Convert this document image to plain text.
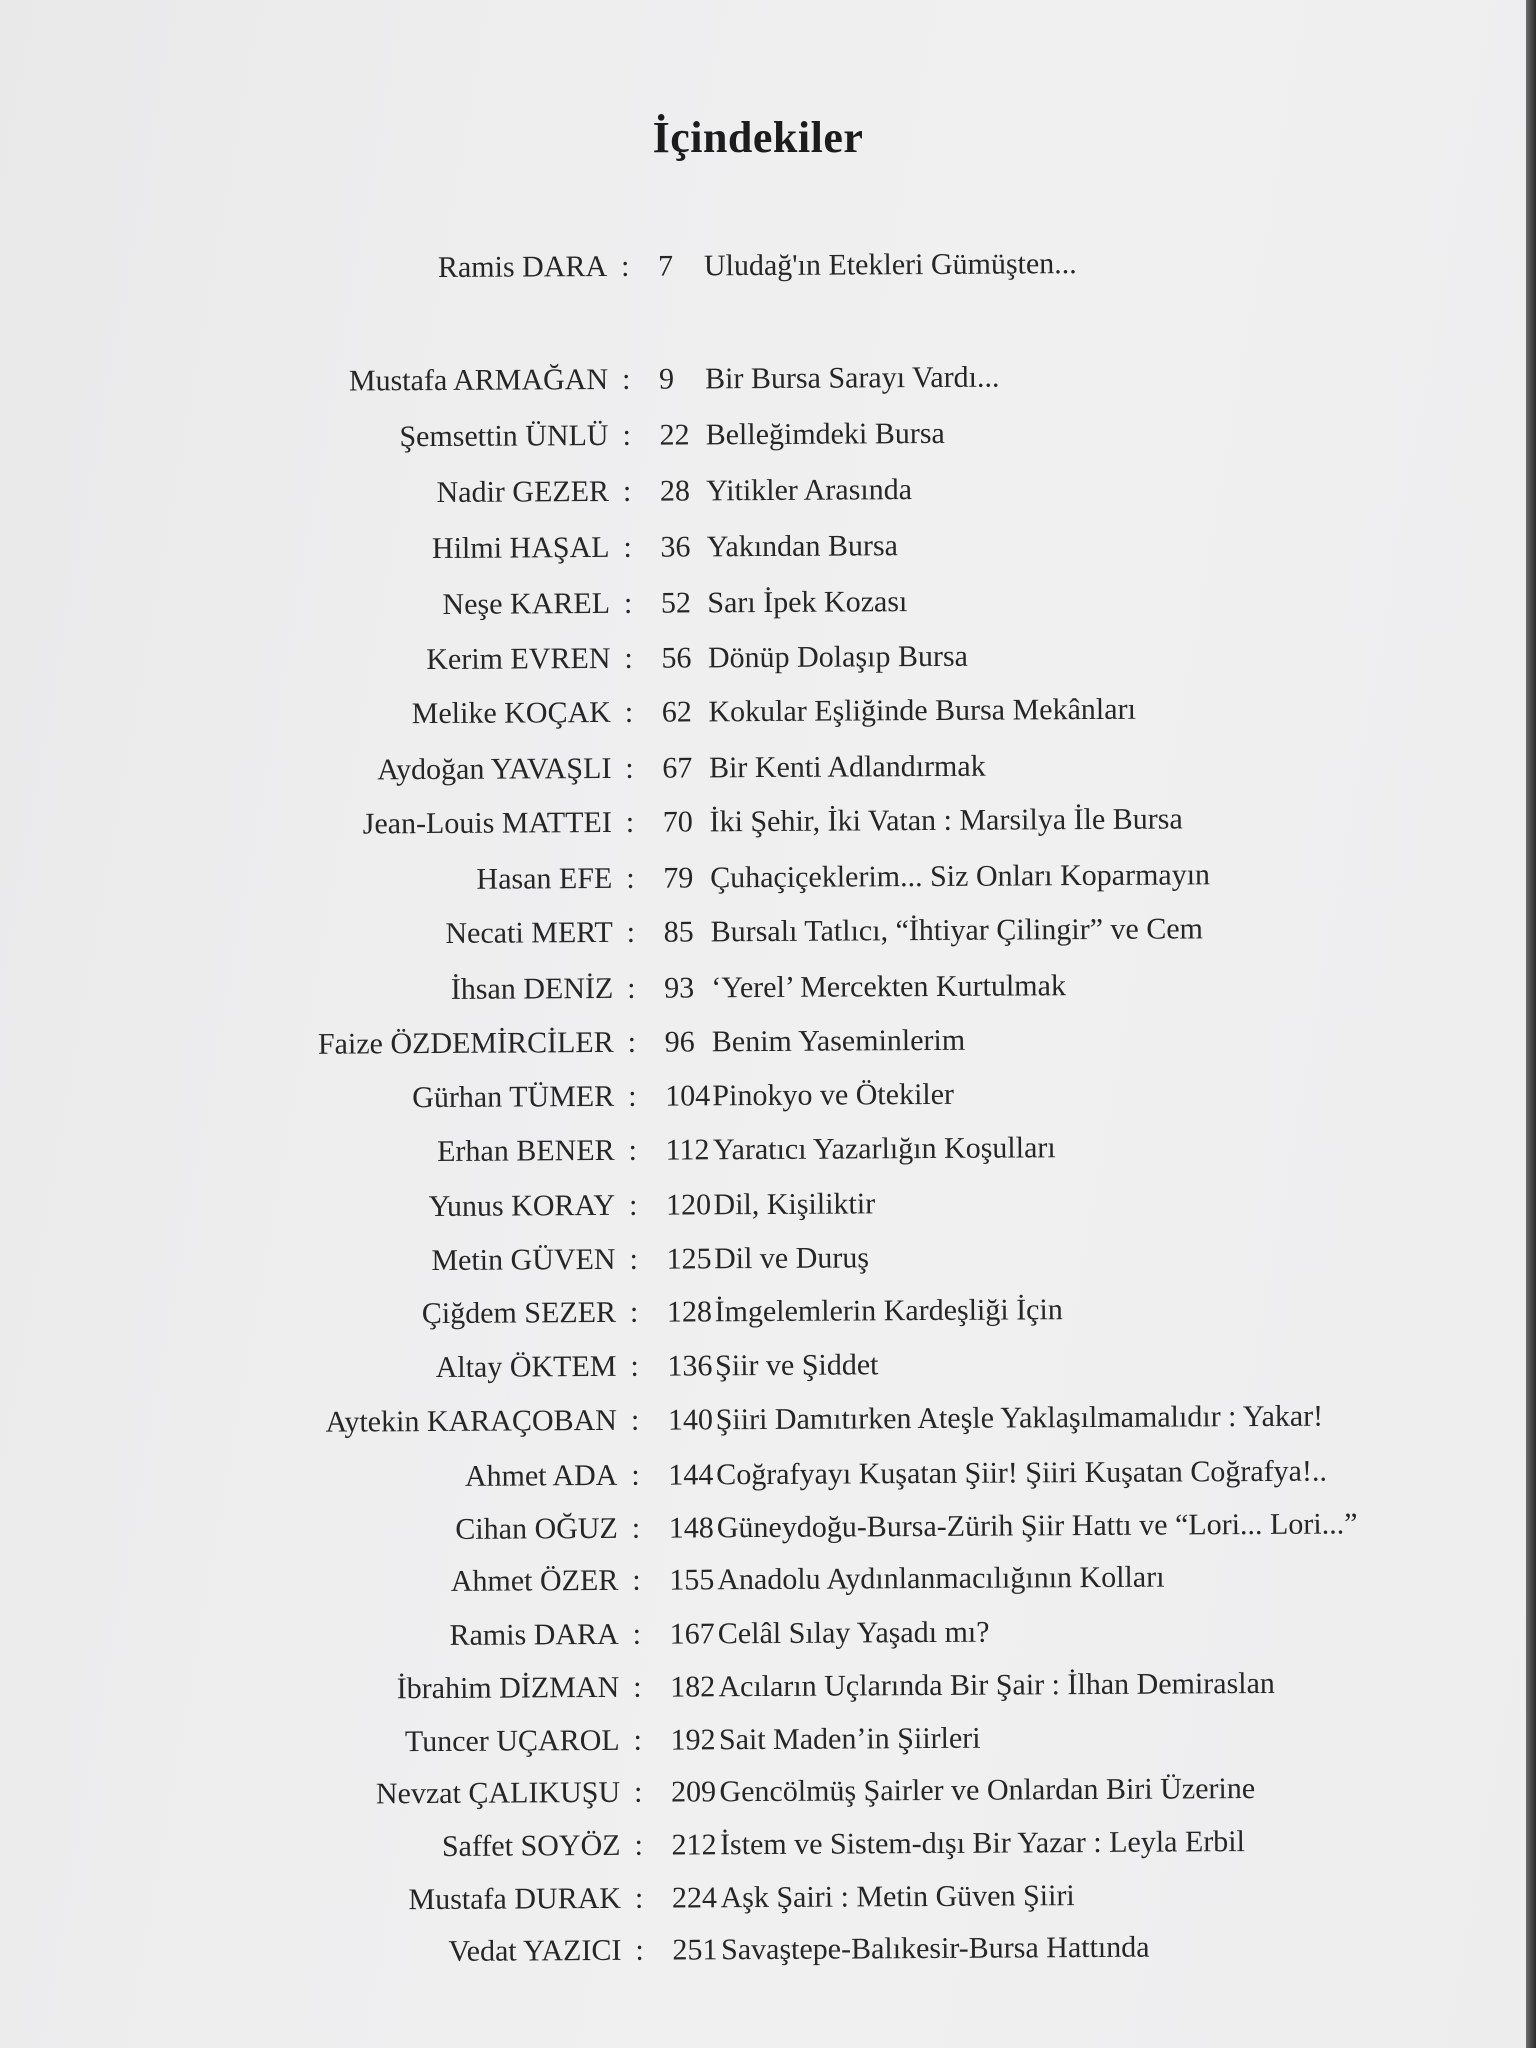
İçindekiler
Ramis DARA : 7 Uludağ'ın Etekleri Gümüşten...
Mustafa ARMAĞAN : 9 Bir Bursa Sarayı Vardı...
Şemsettin ÜNLÜ : 22 Belleğimdeki Bursa
Nadir GEZER : 28 Yitikler Arasında
Hilmi HAŞAL : 36 Yakından Bursa
Neşe KAREL : 52 Sarı İpek Kozası
Kerim EVREN : 56 Dönüp Dolaşıp Bursa
Melike KOÇAK : 62 Kokular Eşliğinde Bursa Mekânları
Aydoğan YAVAŞLI : 67 Bir Kenti Adlandırmak
Jean-Louis MATTEI : 70 İki Şehir, İki Vatan : Marsilya İle Bursa
Hasan EFE : 79 Çuhaçiçeklerim... Siz Onları Koparmayın
Necati MERT : 85 Bursalı Tatlıcı, “İhtiyar Çilingir” ve Cem
İhsan DENİZ : 93 ‘Yerel’ Mercekten Kurtulmak
Faize ÖZDEMİRCİLER : 96 Benim Yaseminlerim
Gürhan TÜMER : 104 Pinokyo ve Ötekiler
Erhan BENER : 112 Yaratıcı Yazarlığın Koşulları
Yunus KORAY : 120 Dil, Kişiliktir
Metin GÜVEN : 125 Dil ve Duruş
Çiğdem SEZER : 128 İmgelemlerin Kardeşliği İçin
Altay ÖKTEM : 136 Şiir ve Şiddet
Aytekin KARAÇOBAN : 140 Şiiri Damıtırken Ateşle Yaklaşılmamalıdır : Yakar!
Ahmet ADA : 144 Coğrafyayı Kuşatan Şiir! Şiiri Kuşatan Coğrafya!..
Cihan OĞUZ : 148 Güneydoğu-Bursa-Zürih Şiir Hattı ve “Lori... Lori...”
Ahmet ÖZER : 155 Anadolu Aydınlanmacılığının Kolları
Ramis DARA : 167 Celâl Sılay Yaşadı mı?
İbrahim DİZMAN : 182 Acıların Uçlarında Bir Şair : İlhan Demiraslan
Tuncer UÇAROL : 192 Sait Maden’in Şiirleri
Nevzat ÇALIKUŞU : 209 Gencölmüş Şairler ve Onlardan Biri Üzerine
Saffet SOYÖZ : 212 İstem ve Sistem-dışı Bir Yazar : Leyla Erbil
Mustafa DURAK : 224 Aşk Şairi : Metin Güven Şiiri
Vedat YAZICI : 251 Savaştepe-Balıkesir-Bursa Hattında
